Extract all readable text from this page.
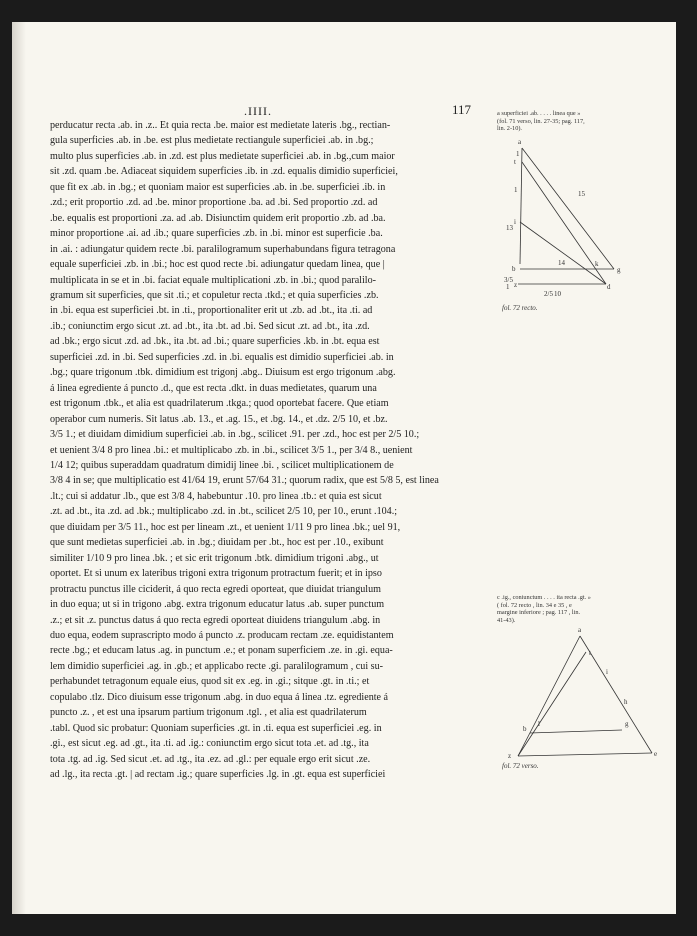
.IIII.	117
perducatur recta .ab. in .z.. Et quia recta .be. maior est medietate lateris .bg., rectian-
gula superficies .ab. in .be. est plus medietate rectiangule superficiei .ab. in .bg.;
multo plus superficies .ab. in .zd. est plus medietate superficiei .ab. in .bg.,cum maior
sit .zd. quam .be. Adiaceat siquidem superficies .ib. in .zd. equalis dimidio superficiei,
que fit ex .ab. in .bg.; et quoniam maior est superficies .ab. in .be. superficiei .ib. in
.zd.; erit proportio .zd. ad .be. minor proportione .ba. ad .bi. Sed proportio .zd. ad
.be. equalis est proportioni .za. ad .ab. Disiunctim quidem erit proportio .zb. ad .ba.
minor proportione .ai. ad .ib.; quare superficies .zb. in .bi. minor est superficie .ba.
in .ai. : adiungatur quidem recte .bi. paralilogramum superhabundans figura tetragona
equale superficiei .zb. in .bi.; hoc est quod recte .bi. adiungatur quedam linea, que |
multiplicata in se et in .bi. faciat equale multiplicationi .zb. in .bi.; quod paralilo-
gramum sit superficies, que sit .ti.; et copuletur recta .tkd.; et quia superficies .zb.
in .bi. equa est superficiei .bt. in .ti., proportionaliter erit ut .zb. ad .bt., ita .ti. ad
.ib.; coniunctim ergo sicut .zt. ad .bt., ita .bt. ad .bi. Sed sicut .zt. ad .bt., ita .zd.
ad .bk.; ergo sicut .zd. ad .bk., ita .bt. ad .bi.; quare superficies .kb. in .bt. equa est
superficiei .zd. in .bi. Sed superficies .zd. in .bi. equalis est dimidio superficiei .ab. in
.bg.; quare trigonum .tbk. dimidium est trigonj .abg.. Diuisum est ergo trigonum .abg.
á linea egrediente á puncto .d., que est recta .dkt. in duas medietates, quarum una
est trigonum .tbk., et alia est quadrilaterum .tkga.; quod oportebat facere. Que etiam
operabor cum numeris. Sit latus .ab. 13., et .ag. 15., et .bg. 14., et .dz. 2/5 10, et .bz.
3/5 1.; et diuidam dimidium superficiei .ab. in .bg., scilicet .91. per .zd., hoc est per 2/5 10.;
et uenient 3/4 8 pro linea .bi.: et multiplicabo .zb. in .bi., scilicet 3/5 1., per 3/4 8., uenient
1/4 12; quibus superaddam quadratum dimidij linee .bi. , scilicet multiplicationem de
3/8 4 in se; que multiplicatio est 41/64 19, erunt 57/64 31.; quorum radix, que est 5/8 5, est linea
.lt.; cui si addatur .lb., que est 3/8 4, habebuntur .10. pro linea .tb.: et quia est sicut
.zt. ad .bt., ita .zd. ad .bk.; multiplicabo .zd. in .bt., scilicet 2/5 10, per 10., erunt .104.;
que diuidam per 3/5 11., hoc est per lineam .zt., et uenient 1/11 9 pro linea .bk.; uel 91,
que sunt medietas superficiei .ab. in .bg.; diuidam per .bt., hoc est per .10., exibunt
similiter 1/10 9 pro linea .bk. ; et sic erit trigonum .btk. dimidium trigoni .abg., ut
oportet. Et si unum ex lateribus trigoni extra trigonum protractum fuerit; et in ipso
protractu punctus ille ciciderit, á quo recta egredi oporteat, que diuidat triangulum
in duo equa; ut si in trigono .abg. extra trigonum educatur latus .ab. super punctum
.z.; et sit .z. punctus datus á quo recta egredi oporteat diuidens triangulum .abg. in
duo equa, eodem suprascripto modo á puncto .z. producam rectam .ze. equidistantem
recte .bg.; et educam latus .ag. in punctum .e.; et ponam superficiem .ze. in .gi. equa-
lem dimidio superficiei .ag. in .gb.; et applicabo recte .gi. paralilogramum , cui su-
perhabundet tetragonum equale eius, quod sit ex .eg. in .gi.; sitque .gt. in .ti.; et
copulabo .tlz. Dico diuisum esse trigonum .abg. in duo equa á linea .tz. egrediente á
puncto .z. , et est una ipsarum partium trigonum .tgl. , et alia est quadrilaterum
.tabl. Quod sic probatur: Quoniam superficies .gt. in .ti. equa est superficiei .eg. in
.gi., est sicut .eg. ad .gt., ita .ti. ad .ig.: coniunctim ergo sicut tota .et. ad .tg., ita
tota .tg. ad .ig. Sed sicut .et. ad .tg., ita .ez. ad .gl.: per equale ergo erit sicut .ze.
ad .lg., ita recta .gt. | ad rectam .ig.; quare superficies .lg. in .gt. equa est superficiei
a superficiei .ab. . . . . linea que »
(fol. 71 verso, lin. 27-35; pag. 117,
lin. 2-10).
a
t
i
b
z
k
g
d
15
13
14
10
2/5
3/5
1
1
1
fol. 72 recto.
c .ig., coniunctum . . . . ita recta .gt. »
( fol. 72 recto , lin. 34 e 35 , e
margine inferiore ; pag. 117 , lin.
41-43).
a
t
i
b
l
h
g
z	e
fol. 72 verso.
